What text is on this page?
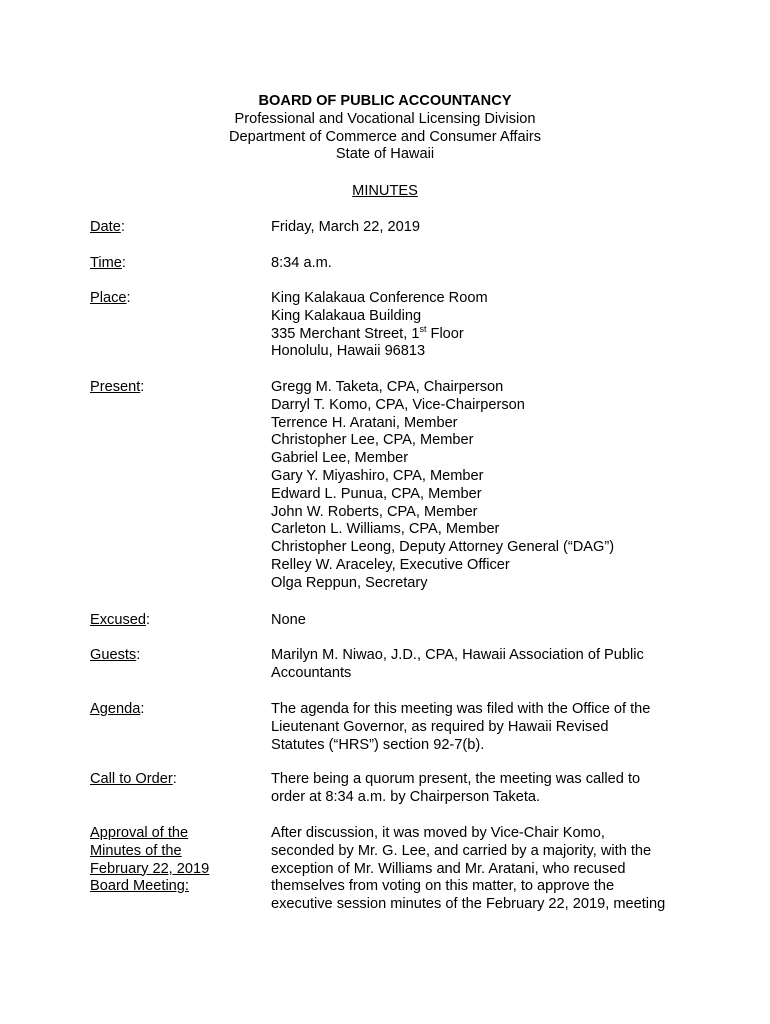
BOARD OF PUBLIC ACCOUNTANCY
Professional and Vocational Licensing Division
Department of Commerce and Consumer Affairs
State of Hawaii
MINUTES
Date:	Friday, March 22, 2019
Time:	8:34 a.m.
Place:	King Kalakaua Conference Room
King Kalakaua Building
335 Merchant Street, 1st Floor
Honolulu, Hawaii 96813
Present:	Gregg M. Taketa, CPA, Chairperson
Darryl T. Komo, CPA, Vice-Chairperson
Terrence H. Aratani, Member
Christopher Lee, CPA, Member
Gabriel Lee, Member
Gary Y. Miyashiro, CPA, Member
Edward L. Punua, CPA, Member
John W. Roberts, CPA, Member
Carleton L. Williams, CPA, Member
Christopher Leong, Deputy Attorney General (“DAG”)
Relley W. Araceley, Executive Officer
Olga Reppun, Secretary
Excused:	None
Guests:	Marilyn M. Niwao, J.D., CPA, Hawaii Association of Public
Accountants
Agenda:	The agenda for this meeting was filed with the Office of the
Lieutenant Governor, as required by Hawaii Revised
Statutes (“HRS”) section 92-7(b).
Call to Order:	There being a quorum present, the meeting was called to
order at 8:34 a.m. by Chairperson Taketa.
Approval of the
Minutes of the
February 22, 2019
Board Meeting:
After discussion, it was moved by Vice-Chair Komo,
seconded by Mr. G. Lee, and carried by a majority, with the
exception of Mr. Williams and Mr. Aratani, who recused
themselves from voting on this matter, to approve the
executive session minutes of the February 22, 2019, meeting
